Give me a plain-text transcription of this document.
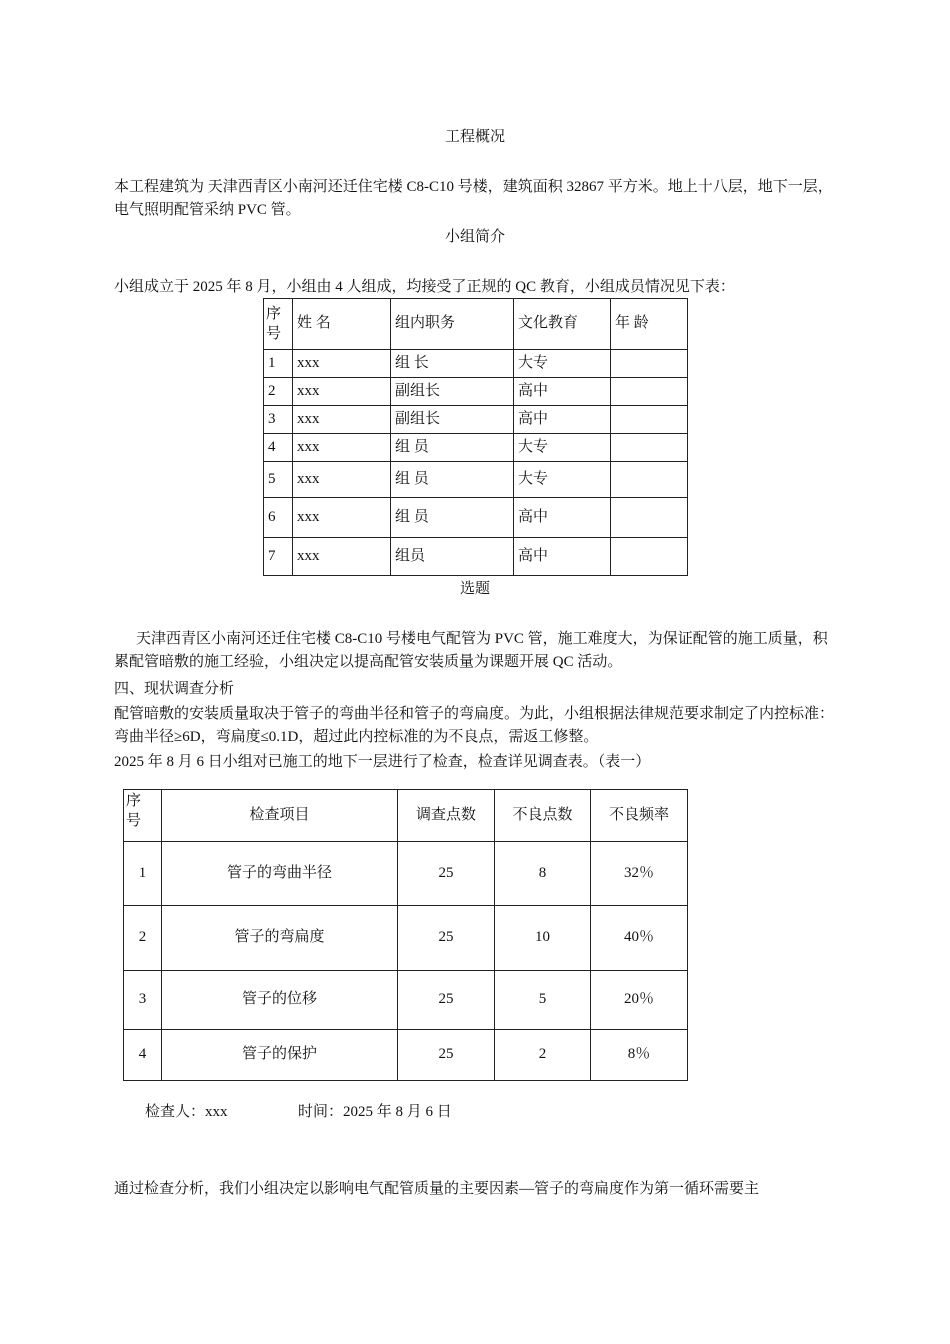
工程概况
本工程建筑为 天津西青区小南河还迁住宅楼 C8-C10 号楼，建筑面积 32867 平方米。地上十八层，地下一层，电气照明配管采纳 PVC 管。
小组简介
小组成立于 2025 年 8 月，小组由 4 人组成，均接受了正规的 QC 教育，小组成员情况见下表：
序号	姓 名	组内职务	文化教育	年 龄
1	xxx	组 长	大专	
2	xxx	副组长	高中	
3	xxx	副组长	高中	
4	xxx	组 员	大专	
5	xxx	组 员	大专	
6	xxx	组 员	高中	
7	xxx	组员	高中	
选题
天津西青区小南河还迁住宅楼 C8-C10 号楼电气配管为 PVC 管，施工难度大，为保证配管的施工质量，积累配管暗敷的施工经验，小组决定以提高配管安装质量为课题开展 QC 活动。
四、现状调查分析
配管暗敷的安装质量取决于管子的弯曲半径和管子的弯扁度。为此，小组根据法律规范要求制定了内控标准：弯曲半径≥6D，弯扁度≤0.1D，超过此内控标准的为不良点，需返工修整。
2025 年 8 月 6 日小组对已施工的地下一层进行了检查，检查详见调查表。（表一）
序 号	检查项目	调查点数	不良点数	不良频率
1	管子的弯曲半径	25	8	32％
2	管子的弯扁度	25	10	40％
3	管子的位移	25	5	20％
4	管子的保护	25	2	8％
检查人：xxx	时间：2025 年 8 月 6 日
通过检查分析，我们小组决定以影响电气配管质量的主要因素—管子的弯扁度作为第一循环需要主
